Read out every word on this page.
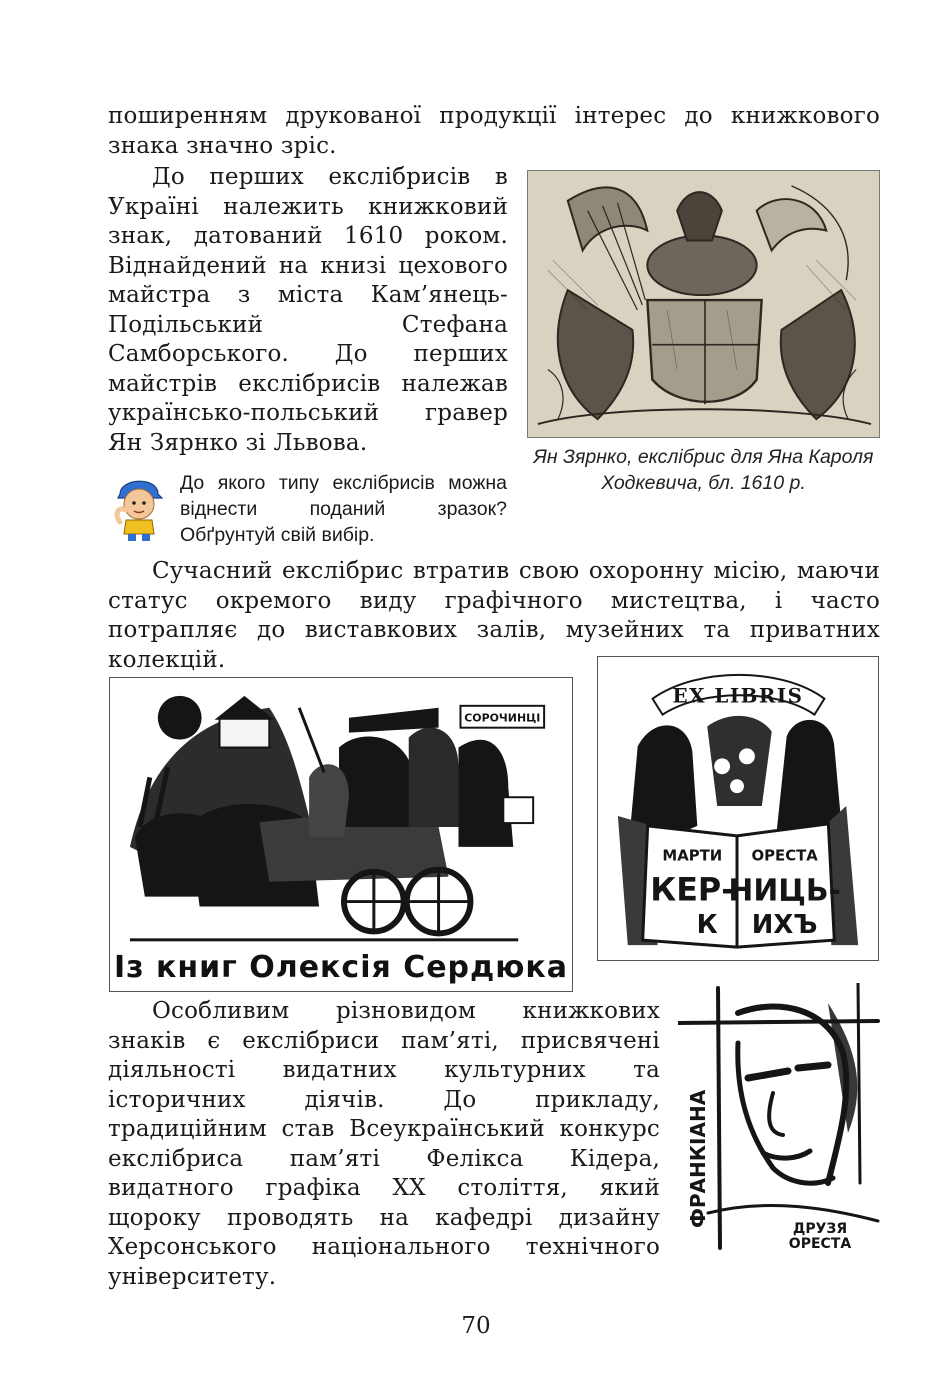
поширенням друкованої продукції інтерес до книжкового знака значно зріс.

До перших екслібрисів в Україні належить книжковий знак, датований 1610 роком. Віднайдений на книзі цехового майстра з міста Кам’янець-Подільський Стефана Самборського. До перших майстрів екслібрисів належав українсько-польський гравер Ян Зярнко зі Львова.

Ян Зярнко, екслібрис для Яна Кароля Ходкевича, бл. 1610 р.

До якого типу екслібрисів можна віднести поданий зразок? Обґрунтуй свій вибір.

Сучасний екслібрис втратив свою охоронну місію, маючи статус окремого виду графічного мистецтва, і часто потрапляє до виставкових залів, музейних та приватних колекцій.

СОРОЧИНЦІ
Із книг Олексія Сердюка
EX LIBRIS
МАРТИ ОРЕСТА
КЕР-
НИЦЬ-
К ИХЪ

Особливим різновидом книжкових знаків є екслібриси пам’яті, присвячені діяльності видатних культурних та історичних діячів. До прикладу, традиційним став Всеукраїнський конкурс екслібриса пам’яті Фелікса Кідера, видатного графіка XX століття, який щороку проводять на кафедрі дизайну Херсонського національного технічного університету.

ФРАНКІАНА
ДРУЗЯ
ОРЕСТА
70
